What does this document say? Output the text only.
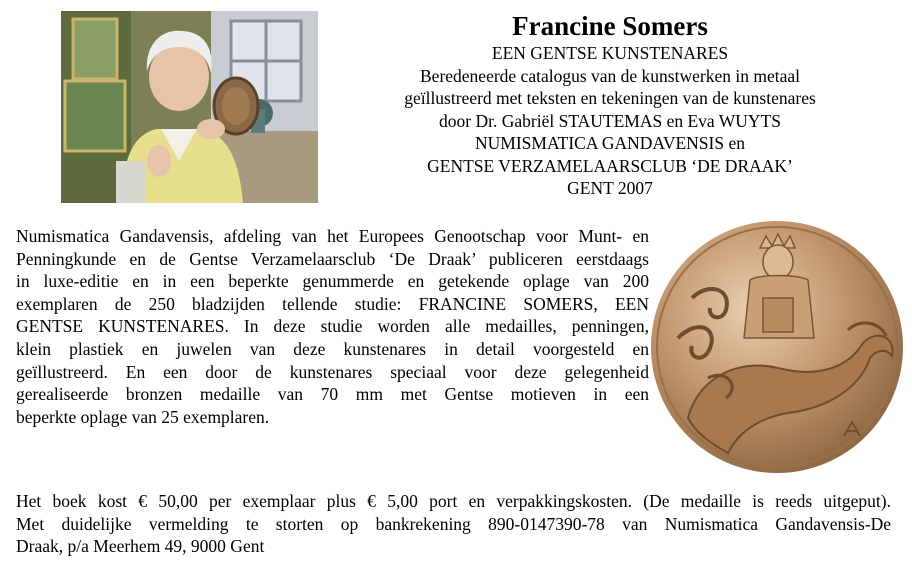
Francine Somers
EEN GENTSE KUNSTENARES
Beredeneerde catalogus van de kunstwerken in metaal
geïllustreerd met teksten en tekeningen van de kunstenares
door Dr. Gabriël STAUTEMAS en Eva WUYTS
NUMISMATICA GANDAVENSIS en
GENTSE VERZAMELAARSCLUB ‘DE DRAAK’
GENT 2007
Numismatica Gandavensis, afdeling van het Europees Genootschap voor Munt- en
Penningkunde en de Gentse Verzamelaarsclub ‘De Draak’ publiceren eerstdaags
in luxe-editie en in een beperkte genummerde en getekende oplage van 200
exemplaren de 250 bladzijden tellende studie: FRANCINE SOMERS, EEN
GENTSE KUNSTENARES. In deze studie worden alle medailles, penningen,
klein plastiek en juwelen van deze kunstenares in detail voorgesteld en
geïllustreerd. En een door de kunstenares speciaal voor deze gelegenheid
gerealiseerde bronzen medaille van 70 mm met Gentse motieven in een
beperkte oplage van 25 exemplaren.
Het boek kost € 50,00 per exemplaar plus € 5,00 port en verpakkingskosten. (De medaille is reeds uitgeput).
Met duidelijke vermelding te storten op bankrekening 890-0147390-78 van Numismatica Gandavensis-De
Draak, p/a Meerhem 49, 9000 Gent
